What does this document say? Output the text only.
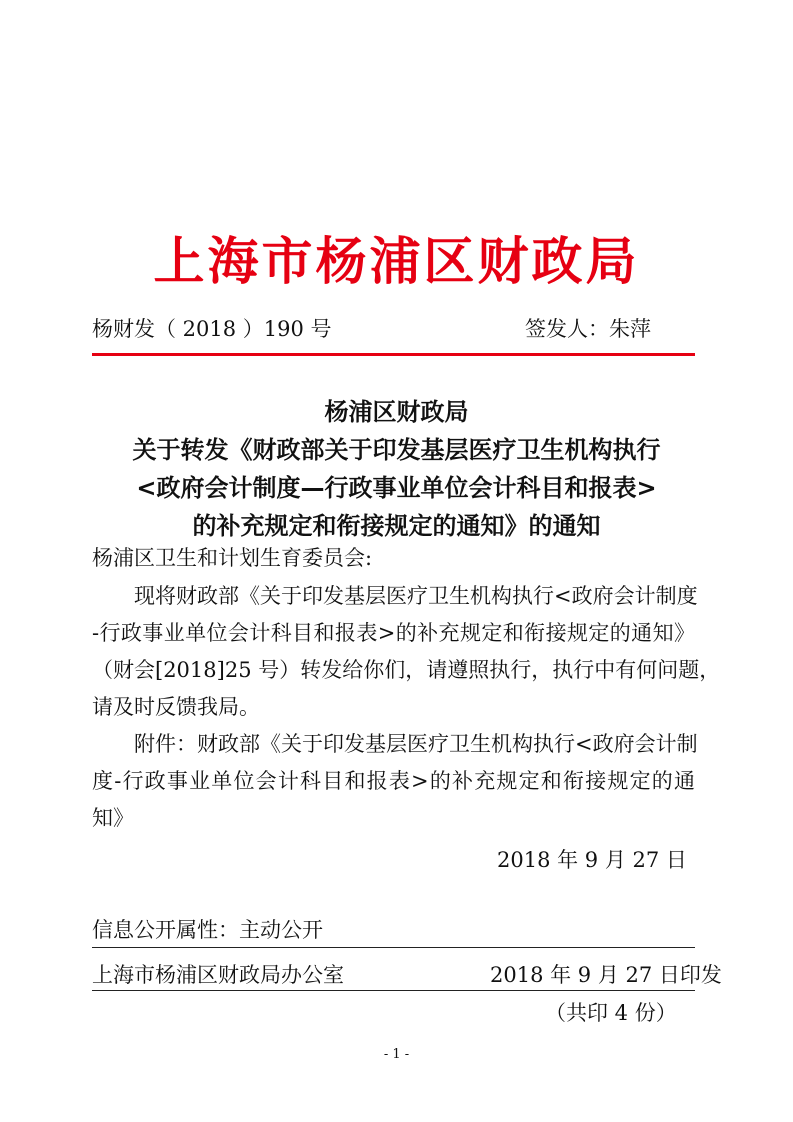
上海市杨浦区财政局
杨财发（ 2018 ）190 号	签发人：朱萍
杨浦区财政局
关于转发《财政部关于印发基层医疗卫生机构执行
<政府会计制度—行政事业单位会计科目和报表>
的补充规定和衔接规定的通知》的通知
杨浦区卫生和计划生育委员会:
现将财政部《关于印发基层医疗卫生机构执行<政府会计制度
-行政事业单位会计科目和报表>的补充规定和衔接规定的通知》
（财会[2018]25 号）转发给你们，请遵照执行，执行中有何问题，
请及时反馈我局。
附件：财政部《关于印发基层医疗卫生机构执行<政府会计制
度-行政事业单位会计科目和报表>的补充规定和衔接规定的通
知》
2018 年 9 月 27 日
信息公开属性：主动公开
上海市杨浦区财政局办公室	2018 年 9 月 27 日印发
（共印 4 份）
- 1 -
